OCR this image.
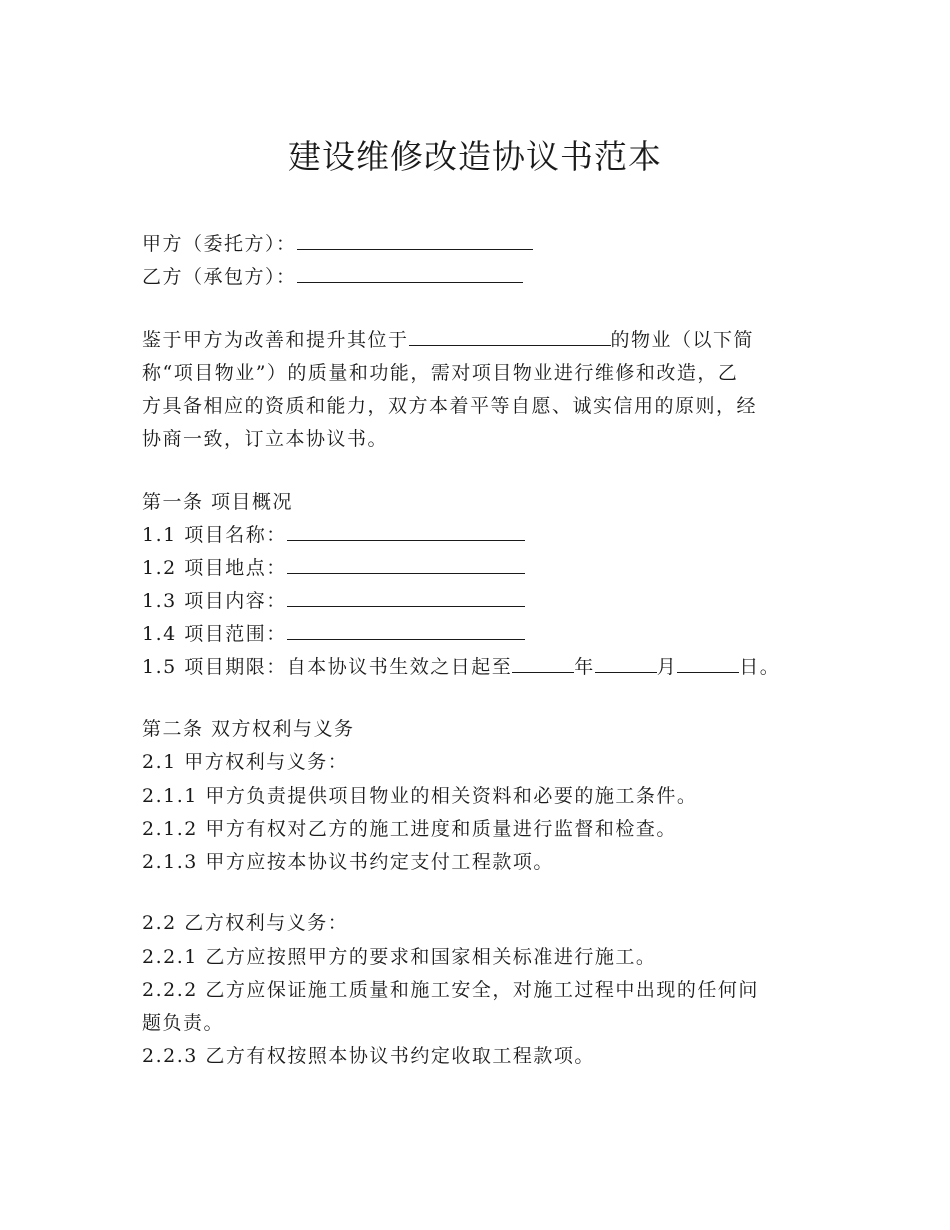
建设维修改造协议书范本
甲方（委托方）：
乙方（承包方）：
鉴于甲方为改善和提升其位于	的物业（以下简
称“项目物业”）的质量和功能，需对项目物业进行维修和改造，乙
方具备相应的资质和能力，双方本着平等自愿、诚实信用的原则，经
协商一致，订立本协议书。
第一条 项目概况
1.1 项目名称：
1.2 项目地点：
1.3 项目内容：
1.4 项目范围：
1.5 项目期限：自本协议书生效之日起至	年	月	日。
第二条 双方权利与义务
2.1 甲方权利与义务：
2.1.1 甲方负责提供项目物业的相关资料和必要的施工条件。
2.1.2 甲方有权对乙方的施工进度和质量进行监督和检查。
2.1.3 甲方应按本协议书约定支付工程款项。
2.2 乙方权利与义务：
2.2.1 乙方应按照甲方的要求和国家相关标准进行施工。
2.2.2 乙方应保证施工质量和施工安全，对施工过程中出现的任何问
题负责。
2.2.3 乙方有权按照本协议书约定收取工程款项。
